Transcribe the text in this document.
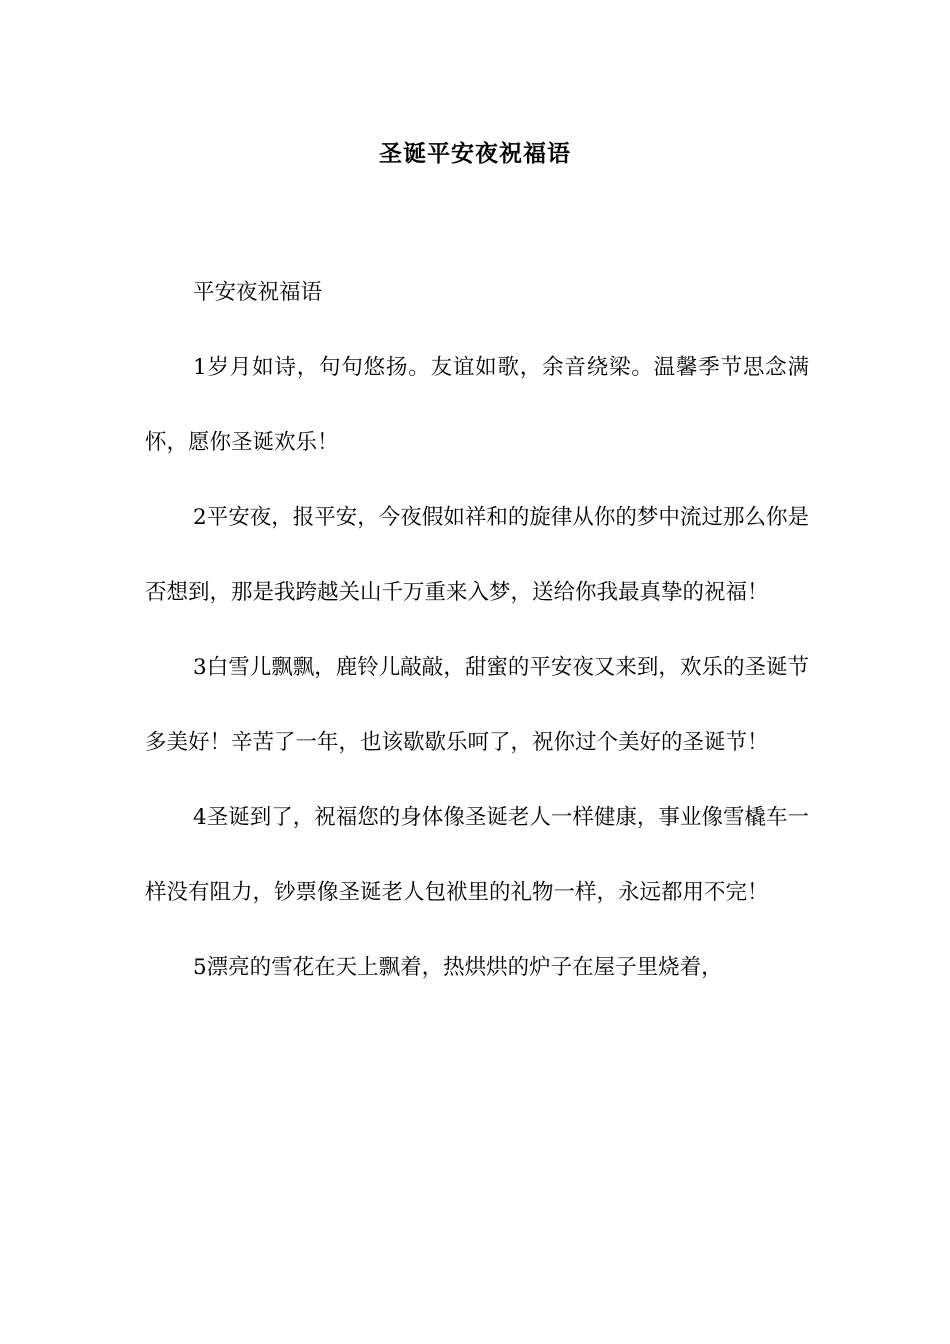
圣诞平安夜祝福语

平安夜祝福语

1岁月如诗，句句悠扬。友谊如歌，余音绕梁。温馨季节思念满怀，愿你圣诞欢乐！

2平安夜，报平安，今夜假如祥和的旋律从你的梦中流过那么你是否想到，那是我跨越关山千万重来入梦，送给你我最真挚的祝福！

3白雪儿飘飘，鹿铃儿敲敲，甜蜜的平安夜又来到，欢乐的圣诞节多美好！辛苦了一年，也该歇歇乐呵了，祝你过个美好的圣诞节！

4圣诞到了，祝福您的身体像圣诞老人一样健康，事业像雪橇车一样没有阻力，钞票像圣诞老人包袱里的礼物一样，永远都用不完！

5漂亮的雪花在天上飘着，热烘烘的炉子在屋子里烧着，
